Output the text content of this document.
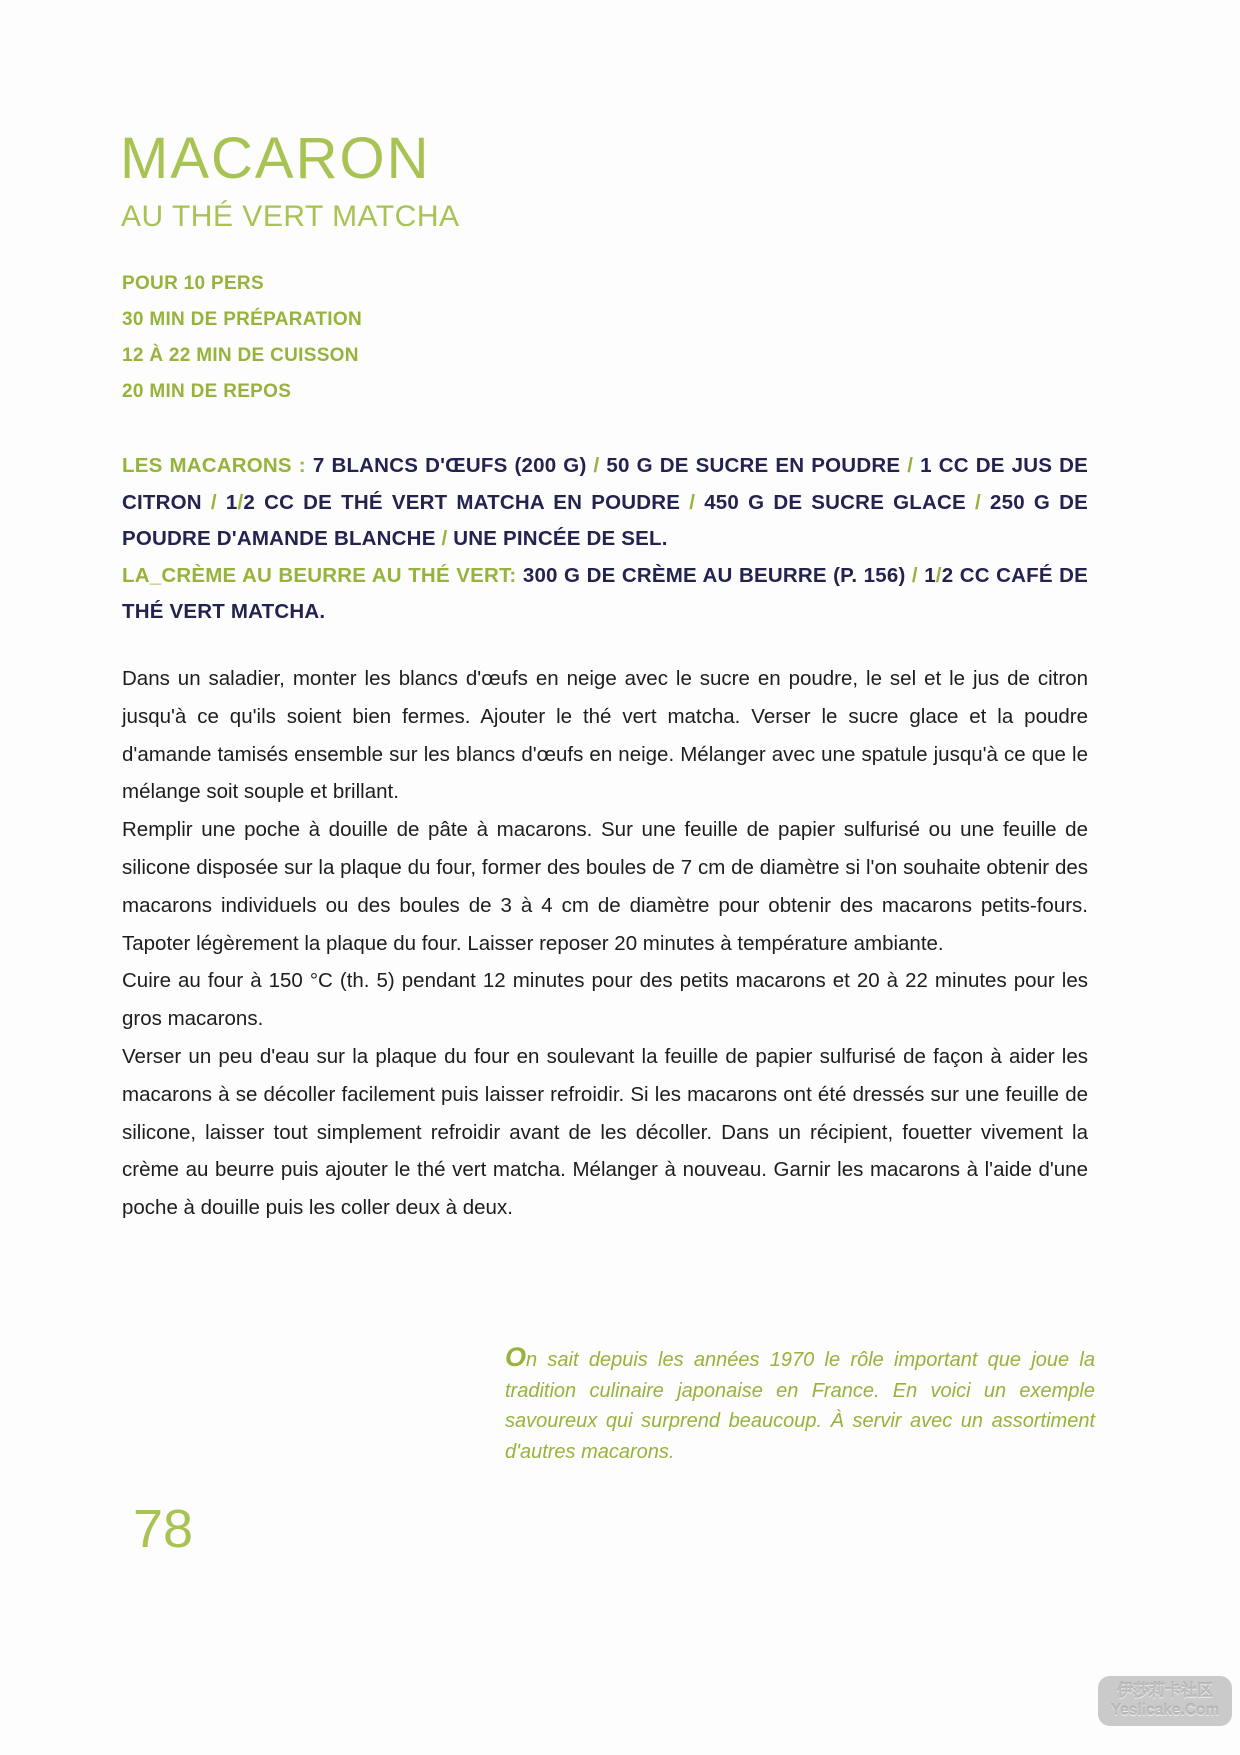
MACARON
AU THÉ VERT MATCHA
POUR 10 PERS
30 MIN DE PRÉPARATION
12 À 22 MIN DE CUISSON
20 MIN DE REPOS

LES MACARONS : 7 BLANCS D'ŒUFS (200 G) / 50 G DE SUCRE EN POUDRE / 1 CC DE JUS DE CITRON / 1/2 CC DE THÉ VERT MATCHA EN POUDRE / 450 G DE SUCRE GLACE / 250 G DE POUDRE D'AMANDE BLANCHE / UNE PINCÉE DE SEL.

LA_CRÈME AU BEURRE AU THÉ VERT: 300 G DE CRÈME AU BEURRE (P. 156) / 1/2 CC CAFÉ DE THÉ VERT MATCHA.

Dans un saladier, monter les blancs d'œufs en neige avec le sucre en poudre, le sel et le jus de citron jusqu'à ce qu'ils soient bien fermes. Ajouter le thé vert matcha. Verser le sucre glace et la poudre d'amande tamisés ensemble sur les blancs d'œufs en neige. Mélanger avec une spatule jusqu'à ce que le mélange soit souple et brillant.

Remplir une poche à douille de pâte à macarons. Sur une feuille de papier sulfurisé ou une feuille de silicone disposée sur la plaque du four, former des boules de 7 cm de diamètre si l'on souhaite obtenir des macarons individuels ou des boules de 3 à 4 cm de diamètre pour obtenir des macarons petits-fours. Tapoter légèrement la plaque du four. Laisser reposer 20 minutes à température ambiante.

Cuire au four à 150 °C (th. 5) pendant 12 minutes pour des petits macarons et 20 à 22 minutes pour les gros macarons.

Verser un peu d'eau sur la plaque du four en soulevant la feuille de papier sulfurisé de façon à aider les macarons à se décoller facilement puis laisser refroidir. Si les macarons ont été dressés sur une feuille de silicone, laisser tout simplement refroidir avant de les décoller. Dans un récipient, fouetter vivement la crème au beurre puis ajouter le thé vert matcha. Mélanger à nouveau. Garnir les macarons à l'aide d'une poche à douille puis les coller deux à deux.

On sait depuis les années 1970 le rôle important que joue la tradition culinaire japonaise en France. En voici un exemple savoureux qui surprend beaucoup. À servir avec un assortiment d'autres macarons.
78
伊莎莉卡社区
Yeslicake.Com
